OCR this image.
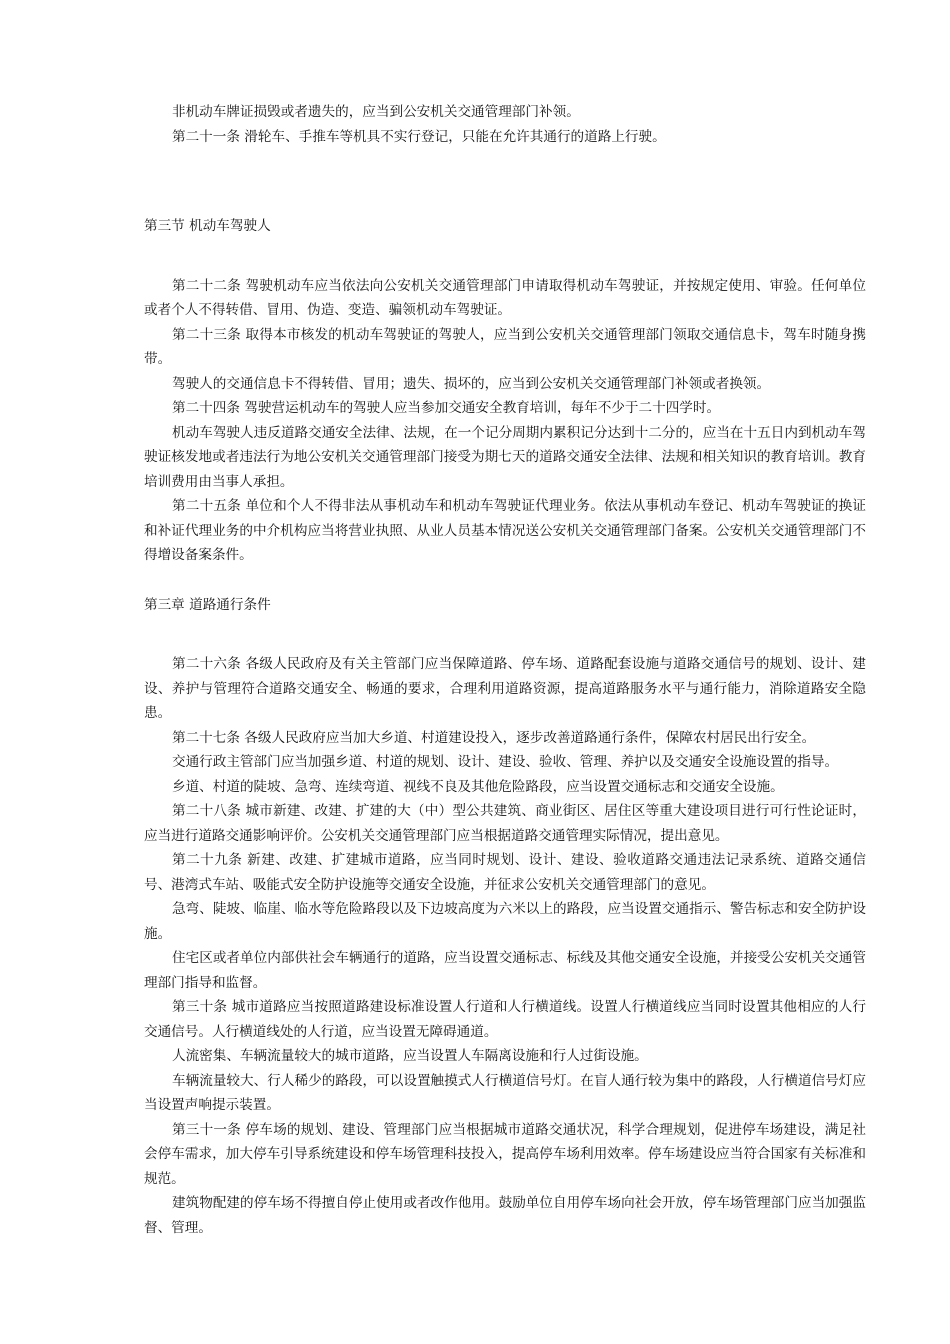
非机动车牌证损毁或者遗失的，应当到公安机关交通管理部门补领。

第二十一条 滑轮车、手推车等机具不实行登记，只能在允许其通行的道路上行驶。

第三节 机动车驾驶人

第二十二条 驾驶机动车应当依法向公安机关交通管理部门申请取得机动车驾驶证，并按规定使用、审验。任何单位或者个人不得转借、冒用、伪造、变造、骗领机动车驾驶证。

第二十三条 取得本市核发的机动车驾驶证的驾驶人，应当到公安机关交通管理部门领取交通信息卡，驾车时随身携带。

驾驶人的交通信息卡不得转借、冒用；遗失、损坏的，应当到公安机关交通管理部门补领或者换领。

第二十四条 驾驶营运机动车的驾驶人应当参加交通安全教育培训，每年不少于二十四学时。

机动车驾驶人违反道路交通安全法律、法规，在一个记分周期内累积记分达到十二分的，应当在十五日内到机动车驾驶证核发地或者违法行为地公安机关交通管理部门接受为期七天的道路交通安全法律、法规和相关知识的教育培训。教育培训费用由当事人承担。

第二十五条 单位和个人不得非法从事机动车和机动车驾驶证代理业务。依法从事机动车登记、机动车驾驶证的换证和补证代理业务的中介机构应当将营业执照、从业人员基本情况送公安机关交通管理部门备案。公安机关交通管理部门不得增设备案条件。

第三章 道路通行条件

第二十六条 各级人民政府及有关主管部门应当保障道路、停车场、道路配套设施与道路交通信号的规划、设计、建设、养护与管理符合道路交通安全、畅通的要求，合理利用道路资源，提高道路服务水平与通行能力，消除道路安全隐患。

第二十七条 各级人民政府应当加大乡道、村道建设投入，逐步改善道路通行条件，保障农村居民出行安全。

交通行政主管部门应当加强乡道、村道的规划、设计、建设、验收、管理、养护以及交通安全设施设置的指导。

乡道、村道的陡坡、急弯、连续弯道、视线不良及其他危险路段，应当设置交通标志和交通安全设施。

第二十八条 城市新建、改建、扩建的大（中）型公共建筑、商业街区、居住区等重大建设项目进行可行性论证时，应当进行道路交通影响评价。公安机关交通管理部门应当根据道路交通管理实际情况，提出意见。

第二十九条 新建、改建、扩建城市道路，应当同时规划、设计、建设、验收道路交通违法记录系统、道路交通信号、港湾式车站、吸能式安全防护设施等交通安全设施，并征求公安机关交通管理部门的意见。

急弯、陡坡、临崖、临水等危险路段以及下边坡高度为六米以上的路段，应当设置交通指示、警告标志和安全防护设施。

住宅区或者单位内部供社会车辆通行的道路，应当设置交通标志、标线及其他交通安全设施，并接受公安机关交通管理部门指导和监督。

第三十条 城市道路应当按照道路建设标准设置人行道和人行横道线。设置人行横道线应当同时设置其他相应的人行交通信号。人行横道线处的人行道，应当设置无障碍通道。

人流密集、车辆流量较大的城市道路，应当设置人车隔离设施和行人过街设施。

车辆流量较大、行人稀少的路段，可以设置触摸式人行横道信号灯。在盲人通行较为集中的路段，人行横道信号灯应当设置声响提示装置。

第三十一条 停车场的规划、建设、管理部门应当根据城市道路交通状况，科学合理规划，促进停车场建设，满足社会停车需求，加大停车引导系统建设和停车场管理科技投入，提高停车场利用效率。停车场建设应当符合国家有关标准和规范。

建筑物配建的停车场不得擅自停止使用或者改作他用。鼓励单位自用停车场向社会开放，停车场管理部门应当加强监督、管理。
